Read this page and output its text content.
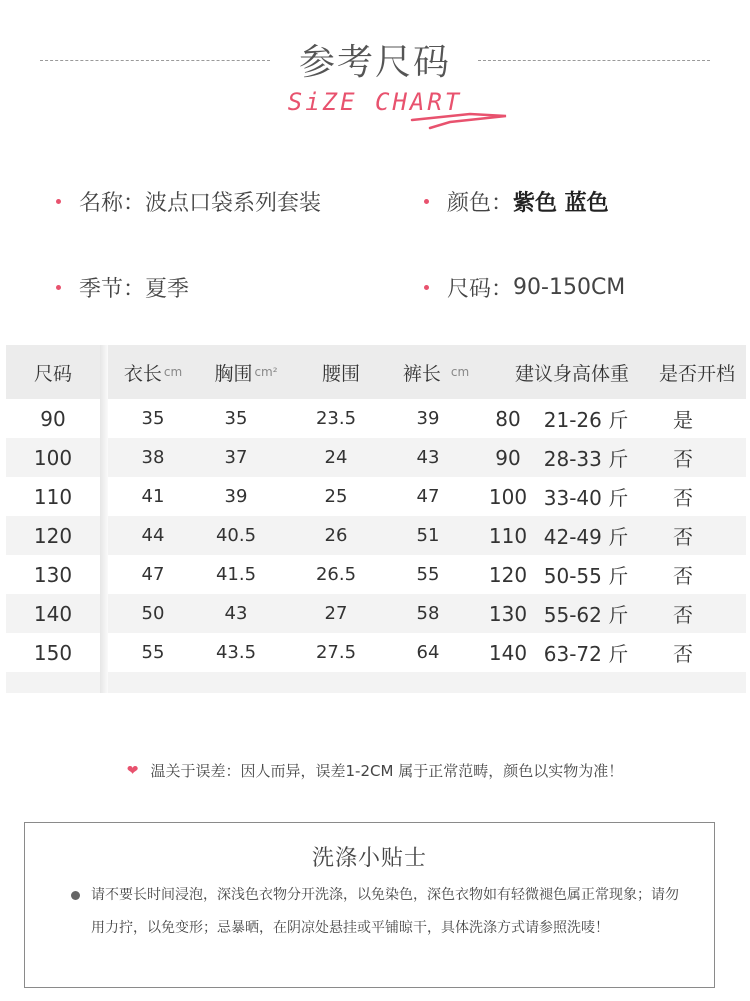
参考尺码
SiZE CHART
名称： 波点口袋系列套装	颜色： 紫色 蓝色
季节： 夏季	尺码： 90-150CM
尺码	衣长 cm 胸围 cm²	腰围	裤长 cm	建议身高体重	是否开档
90	35	35	23.5	39	80	21-26 斤	是
100	38	37	24	43	90	28-33 斤	否
110	41	39	25	47	100 33-40 斤	否
120	44	40.5	26	51	110 42-49 斤	否
130	47	41.5	26.5	55	120 50-55 斤	否
140	50	43	27	58	130 55-62 斤	否
150	55	43.5	27.5	64	140 63-72 斤	否
❤ 温关于误差：因人而异，误差1-2CM 属于正常范畴，颜色以实物为准！
洗涤小贴士
请不要长时间浸泡，深浅色衣物分开洗涤，以免染色，深色衣物如有轻微褪色属正常现象；请勿用力拧，以免变形；忌暴晒，在阴凉处悬挂或平铺晾干，具体洗涤方式请参照洗唛！
